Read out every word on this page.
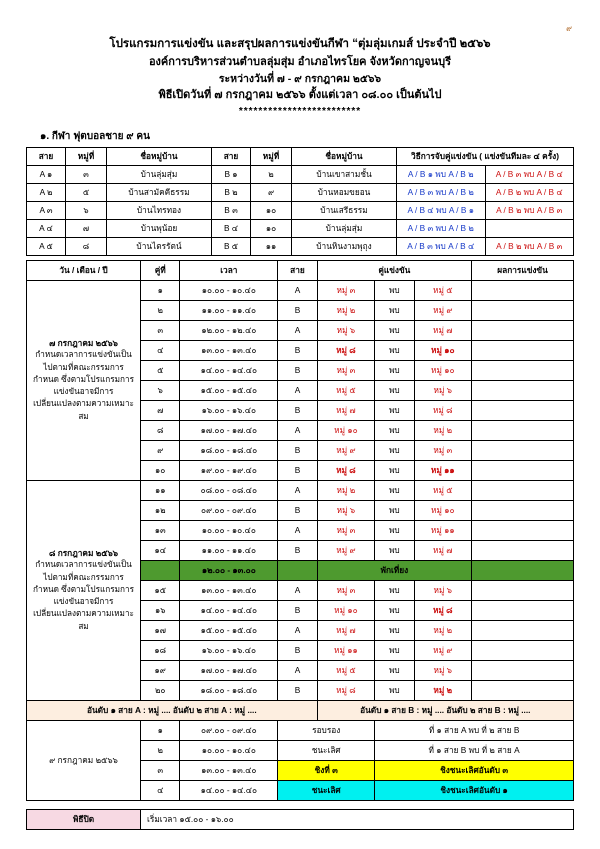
๙
โปรแกรมการแข่งขัน และสรุปผลการแข่งขันกีฬา “ตุ่มลุ่มเกมส์ ประจำปี ๒๕๖๖
องค์การบริหารส่วนตำบลลุ่มสุ่ม อำเภอไทรโยค จังหวัดกาญจนบุรี
ระหว่างวันที่ ๗ - ๙ กรกฎาคม ๒๕๖๖
พิธีเปิดวันที่ ๗ กรกฎาคม ๒๕๖๖ ตั้งแต่เวลา ๐๘.๐๐ เป็นต้นไป
*************************
๑. กีฬา ฟุตบอลชาย ๙ คน
สาย	หมู่ที่	ชื่อหมู่บ้าน	สาย	หมู่ที่	ชื่อหมู่บ้าน	วิธีการจับคู่แข่งขัน ( แข่งขันทีมละ ๔ ครั้ง)	
A ๑	๓	บ้านลุ่มสุ่ม	B ๑	๒	บ้านเขาสามชั้น	A / B ๑ พบ A / B ๒	A / B ๓ พบ A / B ๔
A ๒	๕	บ้านสามัคคีธรรม	B ๒	๙	บ้านหอมขยอน	A / B ๓ พบ A / B ๒	A / B ๒ พบ A / B ๔
A ๓	๖	บ้านไทรทอง	B ๓	๑๐	บ้านเสรีธรรม	A / B ๔ พบ A / B ๑	A / B ๒ พบ A / B ๓
A ๔	๗	บ้านพุน้อย	B ๔	๑๐	บ้านลุ่มสุ่ม	A / B ๓ พบ A / B ๒	
A ๕	๘	บ้านไตรรัตน์	B ๕	๑๑	บ้านหินงามพุถุง	A / B ๓ พบ A / B ๔	A / B ๒ พบ A / B ๓
วัน / เดือน / ปี	คู่ที่	เวลา	สาย	คู่แข่งขัน			ผลการแข่งขัน

๗ กรกฎาคม ๒๕๖๖
กำหนดเวลาการแข่งขันเป็นไปตามที่คณะกรรมการกำหนด ซึ่งตามโปรแกรมการแข่งขันอาจมีการเปลี่ยนแปลงตามความเหมาะสม	๑	๑๐.๐๐ - ๑๐.๔๐	A	หมู่ ๓	พบ	หมู่ ๕	
	๒	๑๑.๐๐ - ๑๑.๔๐	B	หมู่ ๒	พบ	หมู่ ๙	
	๓	๑๒.๐๐ - ๑๒.๔๐	A	หมู่ ๖	พบ	หมู่ ๗	
	๔	๑๓.๐๐ - ๑๓.๔๐	B	หมู่ ๘	พบ	หมู่ ๑๐	
	๕	๑๔.๐๐ - ๑๔.๔๐	B	หมู่ ๓	พบ	หมู่ ๑๐	
	๖	๑๕.๐๐ - ๑๕.๔๐	A	หมู่ ๕	พบ	หมู่ ๖	
	๗	๑๖.๐๐ - ๑๖.๔๐	B	หมู่ ๗	พบ	หมู่ ๘	
	๘	๑๗.๐๐ - ๑๗.๔๐	A	หมู่ ๑๐	พบ	หมู่ ๒	
	๙	๑๘.๐๐ - ๑๘.๔๐	B	หมู่ ๙	พบ	หมู่ ๓	
	๑๐	๑๙.๐๐ - ๑๙.๔๐	B	หมู่ ๘	พบ	หมู่ ๑๑	

๘ กรกฎาคม ๒๕๖๖
กำหนดเวลาการแข่งขันเป็นไปตามที่คณะกรรมการกำหนด ซึ่งตามโปรแกรมการแข่งขันอาจมีการเปลี่ยนแปลงตามความเหมาะสม	๑๑	๐๘.๐๐ - ๐๘.๔๐	A	หมู่ ๒	พบ	หมู่ ๕	
	๑๒	๐๙.๐๐ - ๐๙.๔๐	B	หมู่ ๖	พบ	หมู่ ๑๐	
	๑๓	๑๐.๐๐ - ๑๐.๔๐	A	หมู่ ๓	พบ	หมู่ ๑๑	
	๑๔	๑๑.๐๐ - ๑๑.๔๐	B	หมู่ ๙	พบ	หมู่ ๗	
		๑๒.๐๐ - ๑๓.๐๐		พักเที่ยง			
	๑๕	๑๓.๐๐ - ๑๓.๔๐	A	หมู่ ๓	พบ	หมู่ ๖	
	๑๖	๑๔.๐๐ - ๑๔.๔๐	B	หมู่ ๑๐	พบ	หมู่ ๘	
	๑๗	๑๕.๐๐ - ๑๕.๔๐	A	หมู่ ๗	พบ	หมู่ ๒	
	๑๘	๑๖.๐๐ - ๑๖.๔๐	B	หมู่ ๑๑	พบ	หมู่ ๙	
	๑๙	๑๗.๐๐ - ๑๗.๔๐	A	หมู่ ๕	พบ	หมู่ ๖	
	๒๐	๑๘.๐๐ - ๑๘.๔๐	B	หมู่ ๘	พบ	หมู่ ๒	
อันดับ ๑ สาย A : หมู่ .... อันดับ ๒ สาย A : หมู่ ....				อันดับ ๑ สาย B : หมู่ .... อันดับ ๒ สาย B : หมู่ ....			
๙ กรกฎาคม ๒๕๖๖	๑	๐๙.๐๐ - ๐๙.๔๐	รอบรอง		ที่ ๑ สาย A พบ ที่ ๒ สาย B		
	๒	๑๐.๐๐ - ๑๐.๔๐	ชนะเลิศ		ที่ ๑ สาย B พบ ที่ ๒ สาย A		
	๓	๑๓.๐๐ - ๑๓.๔๐	ชิงที่ ๓		ชิงชนะเลิศอันดับ ๓		
	๔	๑๔.๐๐ - ๑๔.๔๐	ชนะเลิศ		ชิงชนะเลิศอันดับ ๑		

พิธีปิด	เริ่มเวลา ๑๕.๐๐ - ๑๖.๐๐						
